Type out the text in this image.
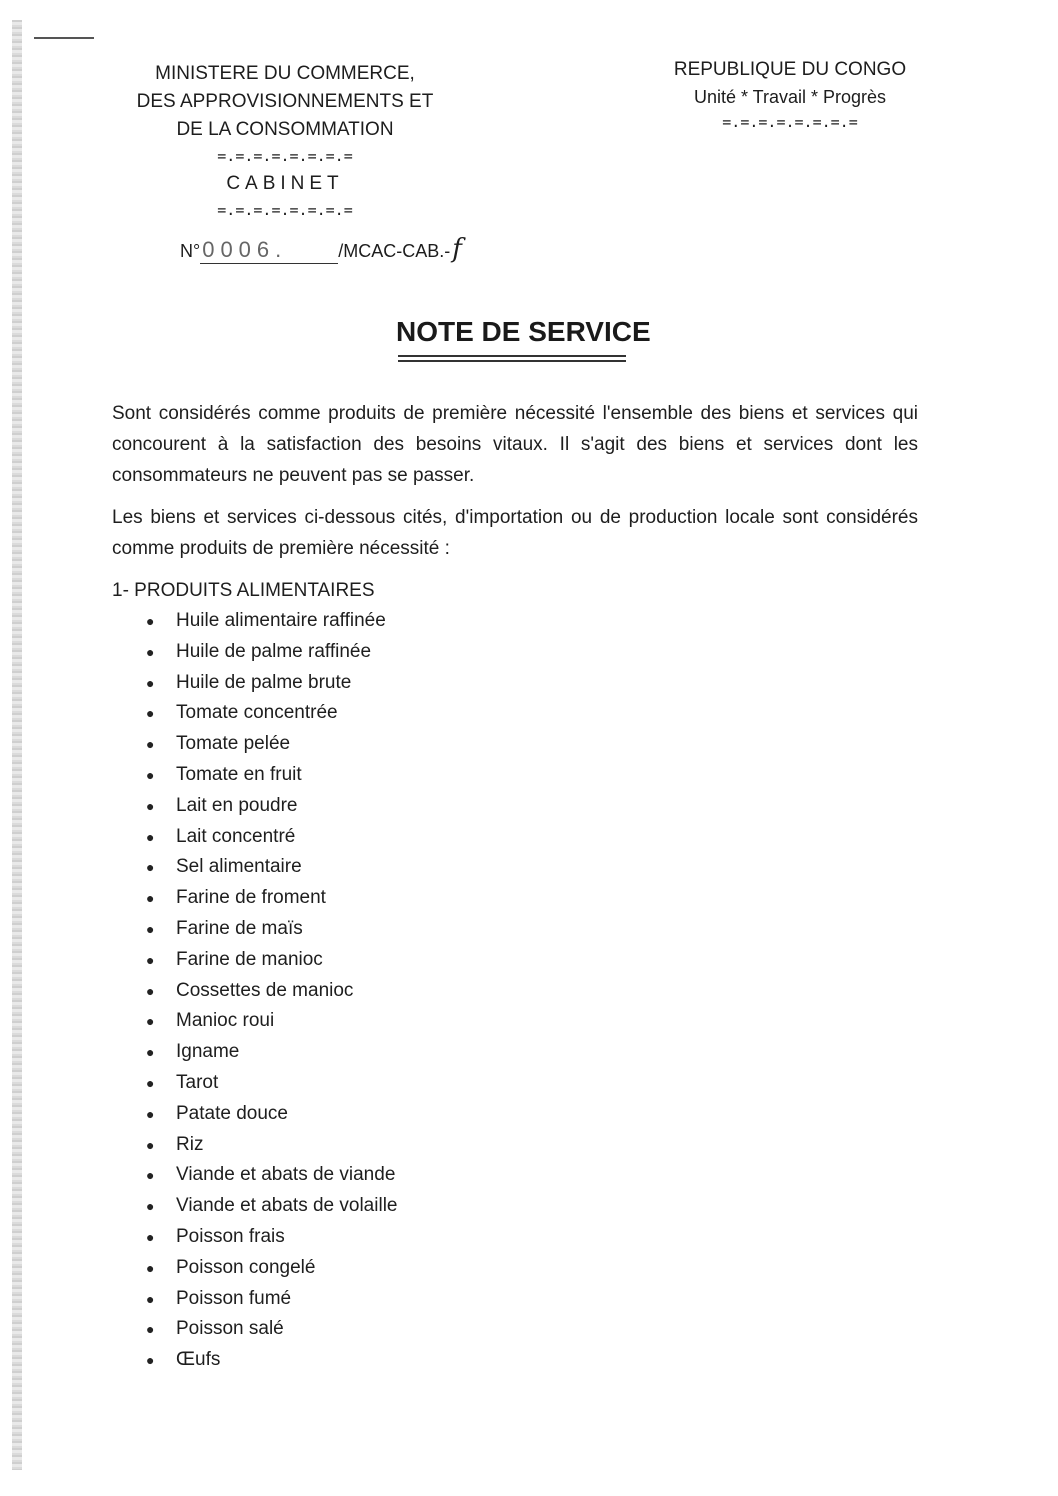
MINISTERE DU COMMERCE,
DES APPROVISIONNEMENTS ET
DE LA CONSOMMATION
=.=.=.=.=.=.=.=
CABINET
=.=.=.=.=.=.=.=
REPUBLIQUE DU CONGO
Unité * Travail * Progrès
=.=.=.=.=.=.=.=
N°0006.	/MCAC-CAB.-f
NOTE DE SERVICE
Sont considérés comme produits de première nécessité l'ensemble des biens et services qui concourent à la satisfaction des besoins vitaux. Il s'agit des biens et services dont les consommateurs ne peuvent pas se passer.
Les biens et services ci-dessous cités, d'importation ou de production locale sont considérés comme produits de première nécessité :
1- PRODUITS ALIMENTAIRES
● Huile alimentaire raffinée
● Huile de palme raffinée
● Huile de palme brute
● Tomate concentrée
● Tomate pelée
● Tomate en fruit
● Lait en poudre
● Lait concentré
● Sel alimentaire
● Farine de froment
● Farine de maïs
● Farine de manioc
● Cossettes de manioc
● Manioc roui
● Igname
● Tarot
● Patate douce
● Riz
● Viande et abats de viande
● Viande et abats de volaille
● Poisson frais
● Poisson congelé
● Poisson fumé
● Poisson salé
● Œufs
